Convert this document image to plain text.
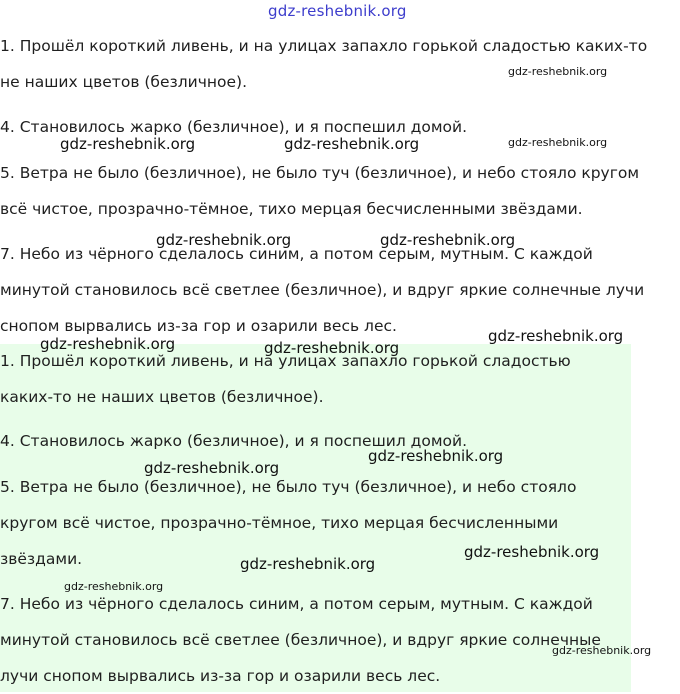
gdz-reshebnik.org

1. Прошёл короткий ливень, и на улицах запахло горькой сладостью каких-то

не наших цветов (безличное).

4. Становилось жарко (безличное), и я поспешил домой.

5. Ветра не было (безличное), не было туч (безличное), и небо стояло кругом

всё чистое, прозрачно-тёмное, тихо мерцая бесчисленными звёздами.

7. Небо из чёрного сделалось синим, а потом серым, мутным. С каждой

минутой становилось всё светлее (безличное), и вдруг яркие солнечные лучи

снопом вырвались из-за гор и озарили весь лес.

1. Прошёл короткий ливень, и на улицах запахло горькой сладостью

каких-то не наших цветов (безличное).

4. Становилось жарко (безличное), и я поспешил домой.

5. Ветра не было (безличное), не было туч (безличное), и небо стояло

кругом всё чистое, прозрачно-тёмное, тихо мерцая бесчисленными

звёздами.

7. Небо из чёрного сделалось синим, а потом серым, мутным. С каждой

минутой становилось всё светлее (безличное), и вдруг яркие солнечные

лучи снопом вырвались из-за гор и озарили весь лес.

gdz-reshebnik.org
gdz-reshebnik.org
gdz-reshebnik.org	gdz-reshebnik.org
gdz-reshebnik.org	gdz-reshebnik.org
gdz-reshebnik.org	gdz-reshebnik.org
gdz-reshebnik.org
gdz-reshebnik.org
gdz-reshebnik.org
gdz-reshebnik.org
gdz-reshebnik.org
gdz-reshebnik.org
gdz-reshebnik.org
